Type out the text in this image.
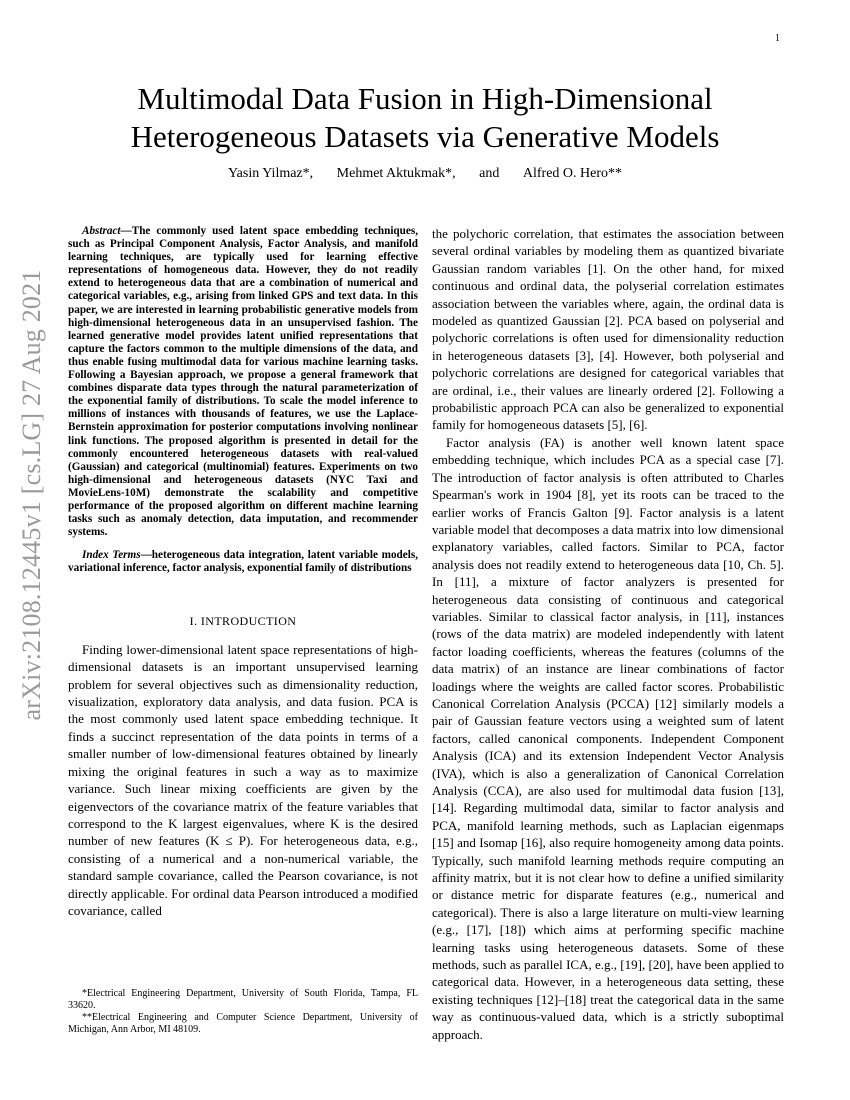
1
arXiv:2108.12445v1 [cs.LG] 27 Aug 2021
Multimodal Data Fusion in High-Dimensional
Heterogeneous Datasets via Generative Models
Yasin Yilmaz*, Mehmet Aktukmak*, and Alfred O. Hero**

Abstract—The commonly used latent space embedding techniques, such as Principal Component Analysis, Factor Analysis, and manifold learning techniques, are typically used for learning effective representations of homogeneous data. However, they do not readily extend to heterogeneous data that are a combination of numerical and categorical variables, e.g., arising from linked GPS and text data. In this paper, we are interested in learning probabilistic generative models from high-dimensional heterogeneous data in an unsupervised fashion. The learned generative model provides latent unified representations that capture the factors common to the multiple dimensions of the data, and thus enable fusing multimodal data for various machine learning tasks. Following a Bayesian approach, we propose a general framework that combines disparate data types through the natural parameterization of the exponential family of distributions. To scale the model inference to millions of instances with thousands of features, we use the Laplace-Bernstein approximation for posterior computations involving nonlinear link functions. The proposed algorithm is presented in detail for the commonly encountered heterogeneous datasets with real-valued (Gaussian) and categorical (multinomial) features. Experiments on two high-dimensional and heterogeneous datasets (NYC Taxi and MovieLens-10M) demonstrate the scalability and competitive performance of the proposed algorithm on different machine learning tasks such as anomaly detection, data imputation, and recommender systems.

Index Terms—heterogeneous data integration, latent variable models, variational inference, factor analysis, exponential family of distributions

I. INTRODUCTION

Finding lower-dimensional latent space representations of high-dimensional datasets is an important unsupervised learning problem for several objectives such as dimensionality reduction, visualization, exploratory data analysis, and data fusion. PCA is the most commonly used latent space embedding technique. It finds a succinct representation of the data points in terms of a smaller number of low-dimensional features obtained by linearly mixing the original features in such a way as to maximize variance. Such linear mixing coefficients are given by the eigenvectors of the covariance matrix of the feature variables that correspond to the K largest eigenvalues, where K is the desired number of new features (K ≤ P). For heterogeneous data, e.g., consisting of a numerical and a non-numerical variable, the standard sample covariance, called the Pearson covariance, is not directly applicable. For ordinal data Pearson introduced a modified covariance, called

the polychoric correlation, that estimates the association between several ordinal variables by modeling them as quantized bivariate Gaussian random variables [1]. On the other hand, for mixed continuous and ordinal data, the polyserial correlation estimates association between the variables where, again, the ordinal data is modeled as quantized Gaussian [2]. PCA based on polyserial and polychoric correlations is often used for dimensionality reduction in heterogeneous datasets [3], [4]. However, both polyserial and polychoric correlations are designed for categorical variables that are ordinal, i.e., their values are linearly ordered [2]. Following a probabilistic approach PCA can also be generalized to exponential family for homogeneous datasets [5], [6].

Factor analysis (FA) is another well known latent space embedding technique, which includes PCA as a special case [7]. The introduction of factor analysis is often attributed to Charles Spearman's work in 1904 [8], yet its roots can be traced to the earlier works of Francis Galton [9]. Factor analysis is a latent variable model that decomposes a data matrix into low dimensional explanatory variables, called factors. Similar to PCA, factor analysis does not readily extend to heterogeneous data [10, Ch. 5]. In [11], a mixture of factor analyzers is presented for heterogeneous data consisting of continuous and categorical variables. Similar to classical factor analysis, in [11], instances (rows of the data matrix) are modeled independently with latent factor loading coefficients, whereas the features (columns of the data matrix) of an instance are linear combinations of factor loadings where the weights are called factor scores. Probabilistic Canonical Correlation Analysis (PCCA) [12] similarly models a pair of Gaussian feature vectors using a weighted sum of latent factors, called canonical components. Independent Component Analysis (ICA) and its extension Independent Vector Analysis (IVA), which is also a generalization of Canonical Correlation Analysis (CCA), are also used for multimodal data fusion [13], [14]. Regarding multimodal data, similar to factor analysis and PCA, manifold learning methods, such as Laplacian eigenmaps [15] and Isomap [16], also require homogeneity among data points. Typically, such manifold learning methods require computing an affinity matrix, but it is not clear how to define a unified similarity or distance metric for disparate features (e.g., numerical and categorical). There is also a large literature on multi-view learning (e.g., [17], [18]) which aims at performing specific machine learning tasks using heterogeneous datasets. Some of these methods, such as parallel ICA, e.g., [19], [20], have been applied to categorical data. However, in a heterogeneous data setting, these existing techniques [12]–[18] treat the categorical data in the same way as continuous-valued data, which is a strictly suboptimal approach.

*Electrical Engineering Department, University of South Florida, Tampa, FL 33620.

**Electrical Engineering and Computer Science Department, University of Michigan, Ann Arbor, MI 48109.
